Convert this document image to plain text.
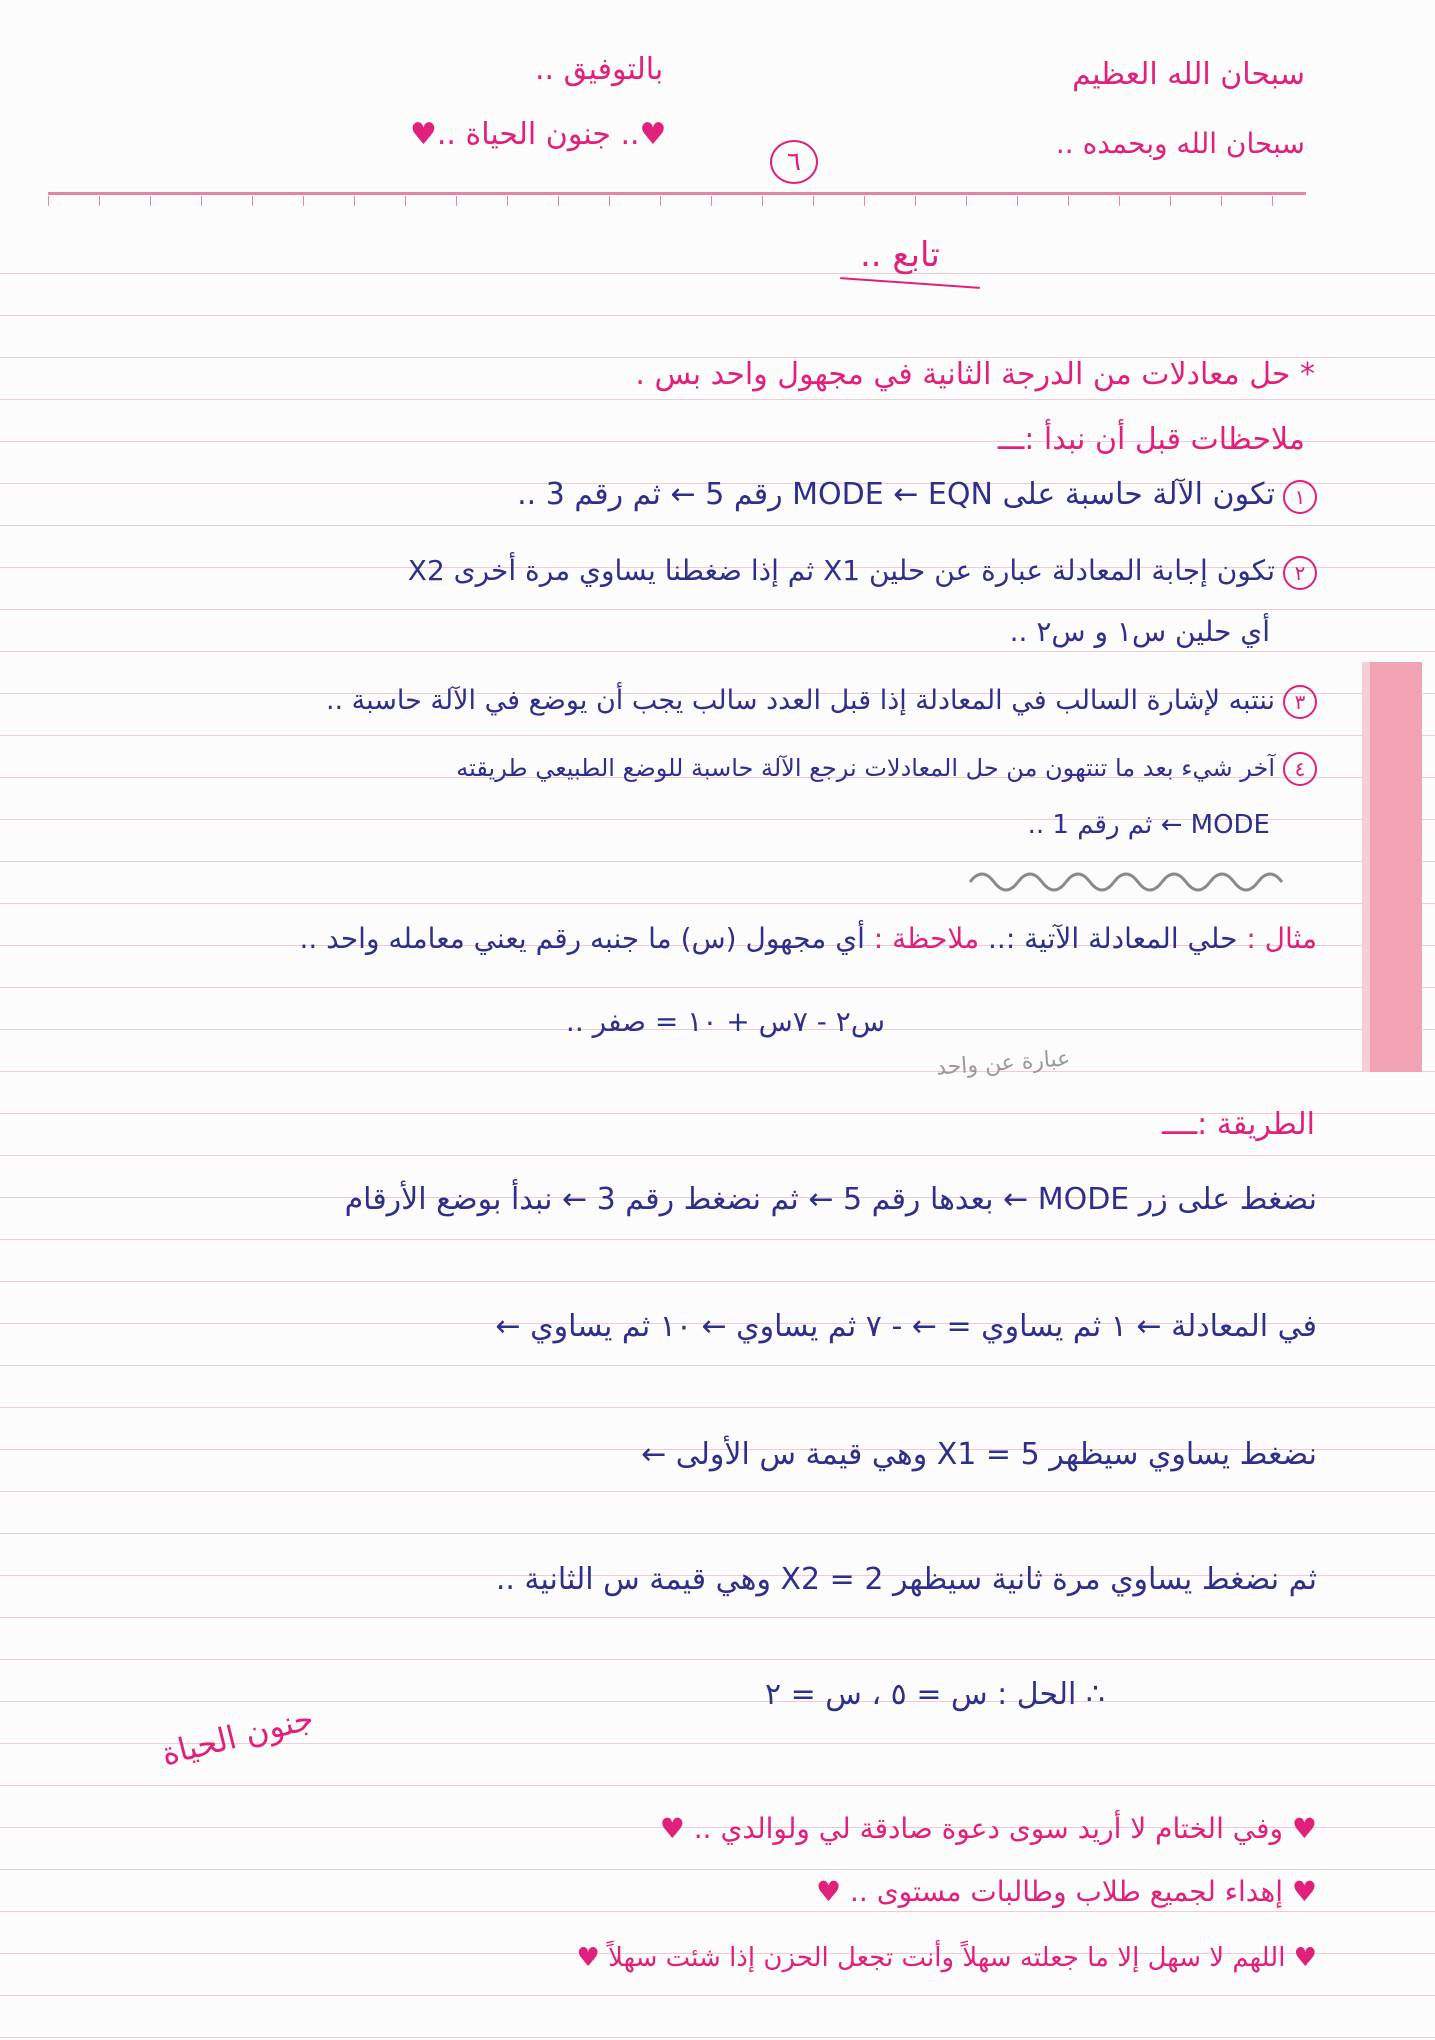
سبحان الله العظيم
سبحان الله وبحمده ..
بالتوفيق ..
♥.. جنون الحياة ..♥
٦
تابع ..
* حل معادلات من الدرجة الثانية في مجهول واحد بس .
ملاحظات قبل أن نبدأ :ـــ
١تكون الآلة حاسبة على MODE ← EQN رقم 5 ← ثم رقم 3 ..
٢تكون إجابة المعادلة عبارة عن حلين X1 ثم إذا ضغطنا يساوي مرة أخرى X2
أي حلين س١ و س٢ ..
٣ننتبه لإشارة السالب في المعادلة إذا قبل العدد سالب يجب أن يوضع في الآلة حاسبة ..
٤آخر شيء بعد ما تنتهون من حل المعادلات نرجع الآلة حاسبة للوضع الطبيعي طريقته
MODE ← ثم رقم 1 ..
مثال : حلي المعادلة الآتية :.. ملاحظة : أي مجهول (س) ما جنبه رقم يعني معامله واحد ..
س٢ - ٧س + ١٠ = صفر ..
عبارة عن واحد
الطريقة :ــــ
نضغط على زر MODE ← بعدها رقم 5 ← ثم نضغط رقم 3 ← نبدأ بوضع الأرقام
في المعادلة ← ١ ثم يساوي = ← - ٧ ثم يساوي ← ١٠ ثم يساوي ←
نضغط يساوي سيظهر X1 = 5 وهي قيمة س الأولى ←
ثم نضغط يساوي مرة ثانية سيظهر X2 = 2 وهي قيمة س الثانية ..
∴ الحل : س = ٥ ، س = ٢
جنون الحياة
♥ وفي الختام لا أريد سوى دعوة صادقة لي ولوالدي .. ♥
♥ إهداء لجميع طلاب وطالبات مستوى .. ♥
♥ اللهم لا سهل إلا ما جعلته سهلاً وأنت تجعل الحزن إذا شئت سهلاً ♥
